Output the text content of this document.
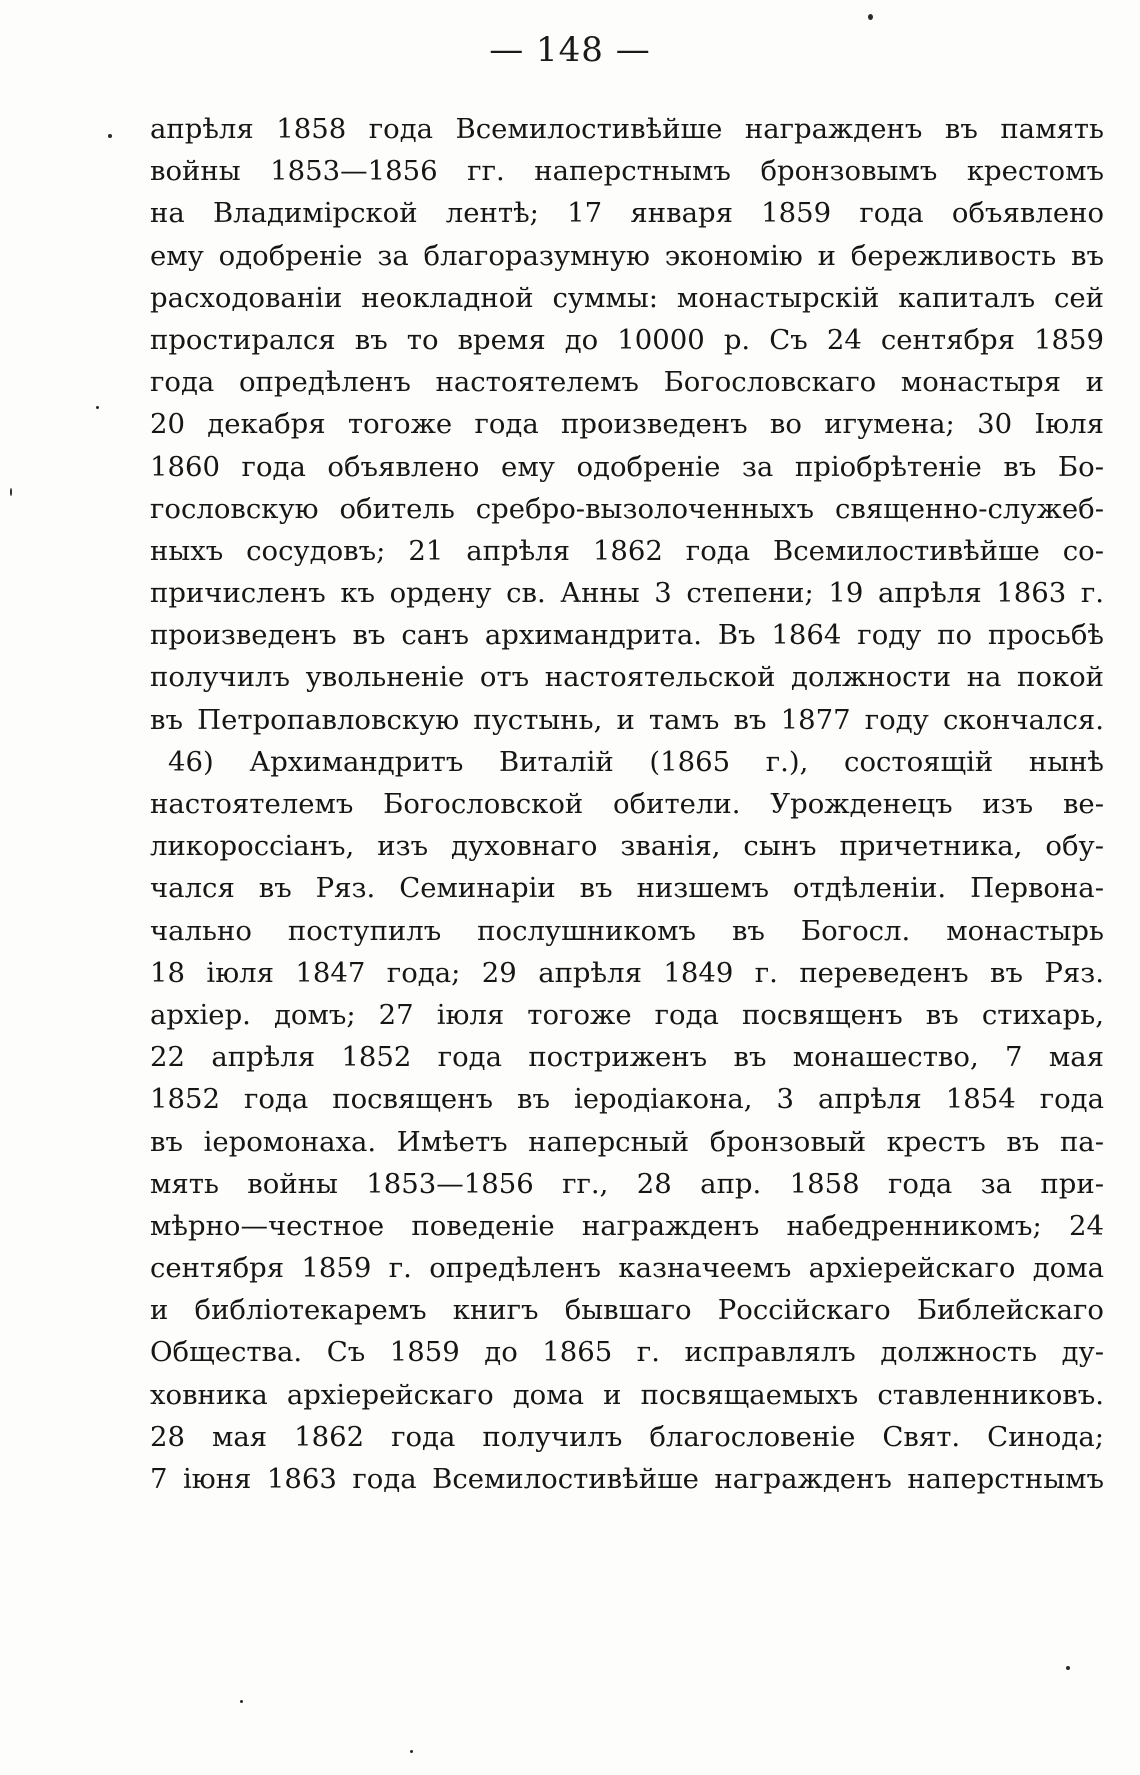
— 148 —
апрѣля 1858 года Всемилостивѣйше награжденъ въ память
войны 1853—1856 гг. наперстнымъ бронзовымъ крестомъ
на Владимірской лентѣ; 17 января 1859 года объявлено
ему одобреніе за благоразумную экономію и бережливость въ
расходованіи неокладной суммы: монастырскій капиталъ сей
простирался въ то время до 10000 р. Съ 24 сентября 1859
года опредѣленъ настоятелемъ Богословскаго монастыря и
20 декабря тогоже года произведенъ во игумена; 30 Іюля
1860 года объявлено ему одобреніе за пріобрѣтеніе въ Бо-
гословскую обитель сребро-вызолоченныхъ священно-служеб-
ныхъ сосудовъ; 21 апрѣля 1862 года Всемилостивѣйше со-
причисленъ къ ордену св. Анны 3 степени; 19 апрѣля 1863 г.
произведенъ въ санъ архимандрита. Въ 1864 году по просьбѣ
получилъ увольненіе отъ настоятельской должности на покой
въ Петропавловскую пустынь, и тамъ въ 1877 году скончался.
46) Архимандритъ Виталій (1865 г.), состоящій нынѣ
настоятелемъ Богословской обители. Урожденецъ изъ ве-
ликороссіанъ, изъ духовнаго званія, сынъ причетника, обу-
чался въ Ряз. Семинаріи въ низшемъ отдѣленіи. Первона-
чально поступилъ послушникомъ въ Богосл. монастырь
18 іюля 1847 года; 29 апрѣля 1849 г. переведенъ въ Ряз.
архіер. домъ; 27 іюля тогоже года посвященъ въ стихарь,
22 апрѣля 1852 года постриженъ въ монашество, 7 мая
1852 года посвященъ въ іеродіакона, 3 апрѣля 1854 года
въ іеромонаха. Имѣетъ наперсный бронзовый крестъ въ па-
мять войны 1853—1856 гг., 28 апр. 1858 года за при-
мѣрно—честное поведеніе награжденъ набедренникомъ; 24
сентября 1859 г. опредѣленъ казначеемъ архіерейскаго дома
и библіотекаремъ книгъ бывшаго Россійскаго Библейскаго
Общества. Съ 1859 до 1865 г. исправлялъ должность ду-
ховника архіерейскаго дома и посвящаемыхъ ставленниковъ.
28 мая 1862 года получилъ благословеніе Свят. Синода;
7 іюня 1863 года Всемилостивѣйше награжденъ наперстнымъ
